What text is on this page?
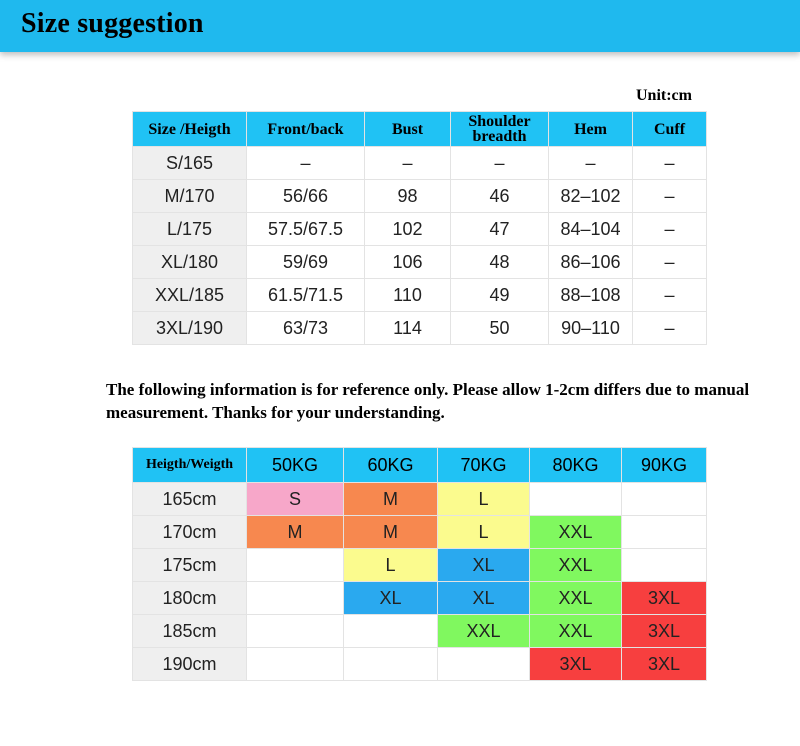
Size suggestion
Unit:cm
Size /Heigth	Front/back	Bust	Shoulder breadth	Hem	Cuff
S/165	–	–	–	–	–
M/170	56/66	98	46	82–102	–
L/175	57.5/67.5	102	47	84–104	–
XL/180	59/69	106	48	86–106	–
XXL/185	61.5/71.5	110	49	88–108	–
3XL/190	63/73	114	50	90–110	–
The following information is for reference only. Please allow 1-2cm differs due to manual measurement. Thanks for your understanding.
Heigth/Weigth	50KG	60KG	70KG	80KG	90KG
165cm	S	M	L		
170cm	M	M	L	XXL	
175cm		L	XL	XXL	
180cm		XL	XL	XXL	3XL
185cm			XXL	XXL	3XL
190cm				3XL	3XL
